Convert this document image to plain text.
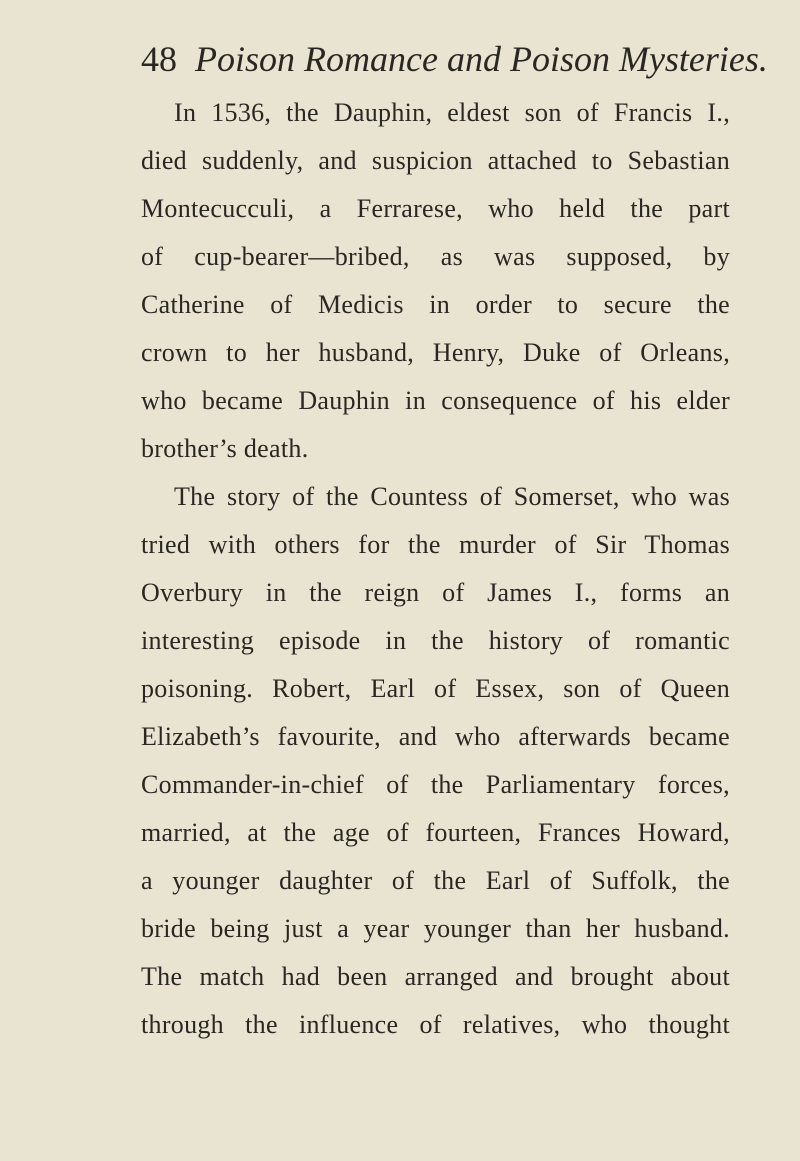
48 Poison Romance and Poison Mysteries.
In 1536, the Dauphin, eldest son of Francis I.,
died suddenly, and suspicion attached to Sebastian
Montecucculi, a Ferrarese, who held the part
of cup-bearer—bribed, as was supposed, by
Catherine of Medicis in order to secure the
crown to her husband, Henry, Duke of Orleans,
who became Dauphin in consequence of his elder
brother’s death.
The story of the Countess of Somerset, who was
tried with others for the murder of Sir Thomas
Overbury in the reign of James I., forms an
interesting episode in the history of romantic
poisoning. Robert, Earl of Essex, son of Queen
Elizabeth’s favourite, and who afterwards became
Commander-in-chief of the Parliamentary forces,
married, at the age of fourteen, Frances Howard,
a younger daughter of the Earl of Suffolk, the
bride being just a year younger than her husband.
The match had been arranged and brought about
through the influence of relatives, who thought
